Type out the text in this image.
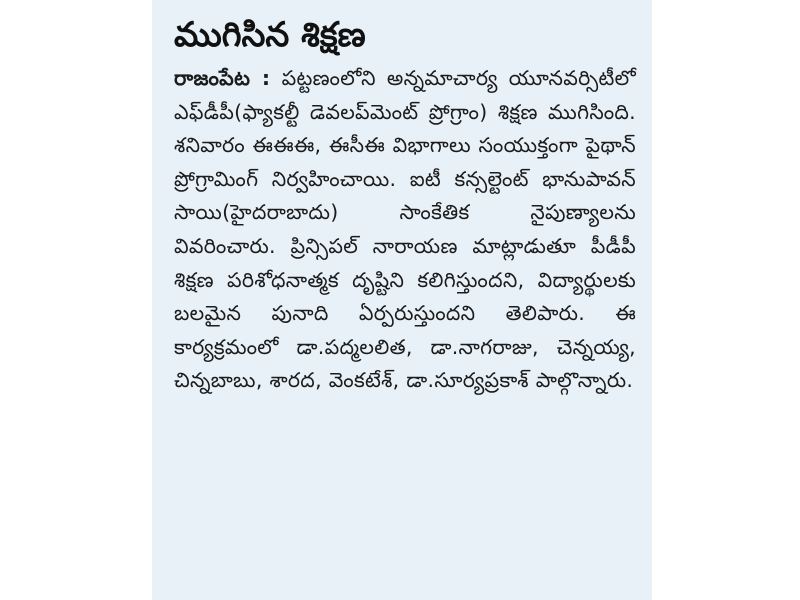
ముగిసిన శిక్షణ

రాజంపేట : పట్టణంలోని అన్నమాచార్య యూనవర్సిటీలో ఎఫ్‌డీపీ(ఫ్యాకల్టీ డెవలప్‌మెంట్ ప్రోగ్రాం) శిక్షణ ముగిసింది. శనివారం ఈఈఈ, ఈసీఈ విభాగాలు సంయుక్తంగా పైథాన్ ప్రోగ్రామింగ్ నిర్వహించాయి. ఐటీ కన్సల్టెంట్ భానుపావన్ సాయి(హైదరాబాదు) సాంకేతిక నైపుణ్యాలను వివరించారు. ప్రిన్సిపల్ నారాయణ మాట్లాడుతూ పీడీపీ శిక్షణ పరిశోధనాత్మక దృష్టిని కలిగిస్తుందని, విద్యార్థులకు బలమైన పునాది ఏర్పరుస్తుందని తెలిపారు. ఈ కార్యక్రమంలో డా.పద్మలలిత, డా.నాగరాజు, చెన్నయ్య, చిన్నబాబు, శారద, వెంకటేశ్, డా.సూర్యప్రకాశ్ పాల్గొన్నారు.
